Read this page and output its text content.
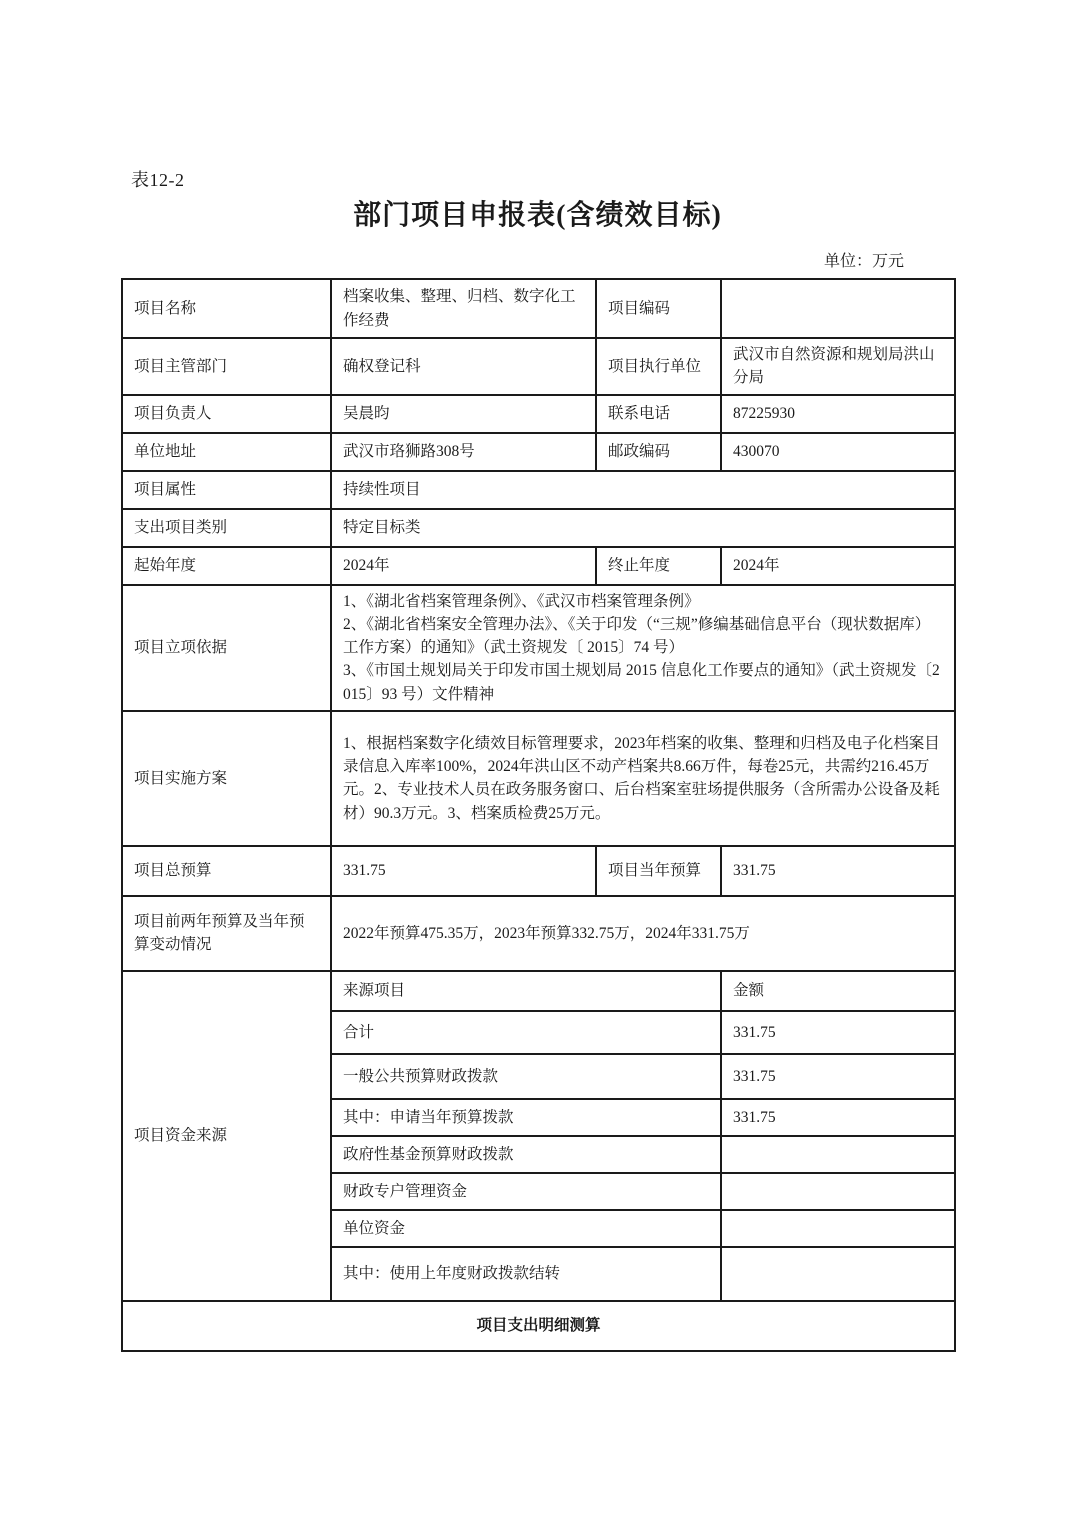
表12-2
部门项目申报表(含绩效目标)
单位：万元
项目名称	档案收集、整理、归档、数字化工作经费	项目编码	
项目主管部门	确权登记科	项目执行单位	武汉市自然资源和规划局洪山分局
项目负责人	吴晨昀	联系电话	87225930
单位地址	武汉市珞狮路308号	邮政编码	430070
项目属性	持续性项目		
支出项目类别	特定目标类		
起始年度	2024年	终止年度	2024年
项目立项依据	1、《湖北省档案管理条例》、《武汉市档案管理条例》

2、《湖北省档案安全管理办法》、《关于印发（“三规”修编基础信息平台（现状数据库）工作方案）的通知》（武土资规发〔 2015〕74 号）

3、《市国土规划局关于印发市国土规划局 2015 信息化工作要点的通知》（武土资规发〔2015〕93 号）文件精神		

项目实施方案	1、根据档案数字化绩效目标管理要求，2023年档案的收集、整理和归档及电子化档案目录信息入库率100%，2024年洪山区不动产档案共8.66万件，每卷25元，共需约216.45万元。2、专业技术人员在政务服务窗口、后台档案室驻场提供服务（含所需办公设备及耗材）90.3万元。3、档案质检费25万元。		
项目总预算	331.75	项目当年预算	331.75
项目前两年预算及当年预算变动情况	2022年预算475.35万，2023年预算332.75万，2024年331.75万		
项目资金来源	来源项目		金额
	合计		331.75
	一般公共预算财政拨款		331.75
	其中：申请当年预算拨款		331.75
	政府性基金预算财政拨款		
	财政专户管理资金		
	单位资金		
	其中：使用上年度财政拨款结转		
项目支出明细测算			
